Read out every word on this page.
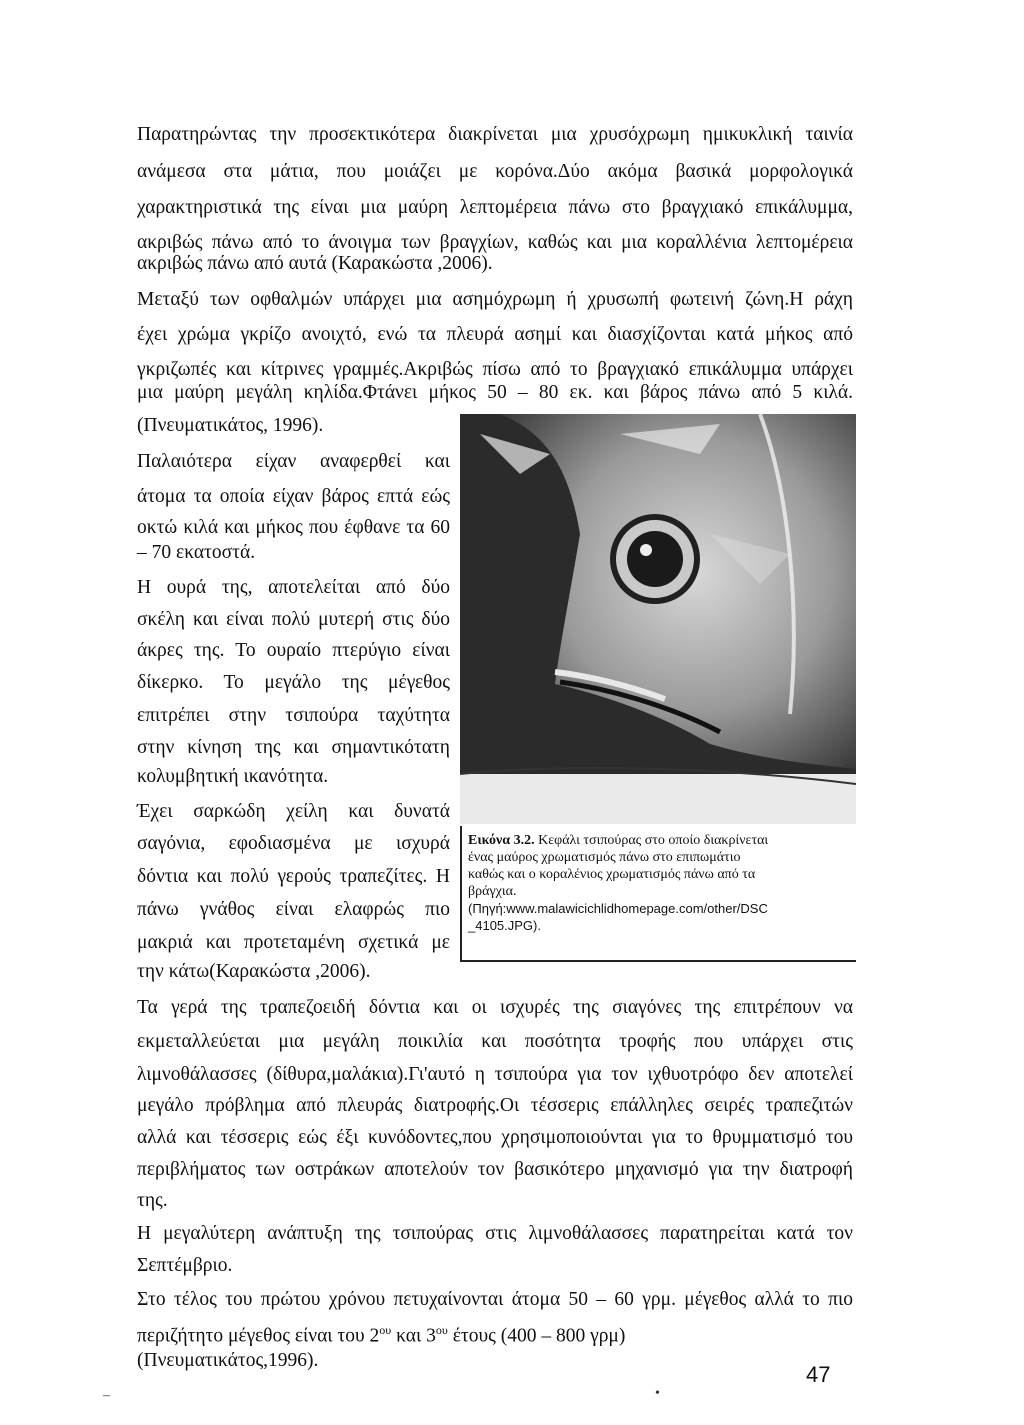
Παρατηρώντας την προσεκτικότερα διακρίνεται μια χρυσόχρωμη ημικυκλική ταινία
ανάμεσα στα μάτια, που μοιάζει με κορόνα.Δύο ακόμα βασικά μορφολογικά
χαρακτηριστικά της είναι μια μαύρη λεπτομέρεια πάνω στο βραγχιακό επικάλυμμα,
ακριβώς πάνω από το άνοιγμα των βραγχίων, καθώς και μια κοραλλένια λεπτομέρεια
ακριβώς πάνω από αυτά (Καρακώστα ,2006).
Μεταξύ των οφθαλμών υπάρχει μια ασημόχρωμη ή χρυσωπή φωτεινή ζώνη.Η ράχη
έχει χρώμα γκρίζο ανοιχτό, ενώ τα πλευρά ασημί και διασχίζονται κατά μήκος από
γκριζωπές και κίτρινες γραμμές.Ακριβώς πίσω από το βραγχιακό επικάλυμμα υπάρχει
μια μαύρη μεγάλη κηλίδα.Φτάνει μήκος 50 – 80 εκ. και βάρος πάνω από 5 κιλά.
(Πνευματικάτος, 1996).
Παλαιότερα είχαν αναφερθεί και
άτομα τα οποία είχαν βάρος επτά εώς
οκτώ κιλά και μήκος που έφθανε τα 60
– 70 εκατοστά.
Η ουρά της, αποτελείται από δύο
σκέλη και είναι πολύ μυτερή στις δύο
άκρες της. Το ουραίο πτερύγιο είναι
δίκερκο. Το μεγάλο της μέγεθος
επιτρέπει στην τσιπούρα ταχύτητα
στην κίνηση της και σημαντικότατη
κολυμβητική ικανότητα.
Έχει σαρκώδη χείλη και δυνατά
σαγόνια, εφοδιασμένα με ισχυρά
δόντια και πολύ γερούς τραπεζίτες. Η
πάνω γνάθος είναι ελαφρώς πιο
μακριά και προτεταμένη σχετικά με
την κάτω(Καρακώστα ,2006).
Εικόνα 3.2. Κεφάλι τσιπούρας στο οποίο διακρίνεται
ένας μαύρος χρωματισμός πάνω στο επιπωμάτιο
καθώς και ο κοραλένιος χρωματισμός πάνω από τα
βράγχια.
(Πηγή:www.malawicichlidhomepage.com/other/DSC
_4105.JPG).
Τα γερά της τραπεζοειδή δόντια και οι ισχυρές της σιαγόνες της επιτρέπουν να
εκμεταλλεύεται μια μεγάλη ποικιλία και ποσότητα τροφής που υπάρχει στις
λιμνοθάλασσες (δίθυρα,μαλάκια).Γι'αυτό η τσιπούρα για τον ιχθυοτρόφο δεν αποτελεί
μεγάλο πρόβλημα από πλευράς διατροφής.Οι τέσσερις επάλληλες σειρές τραπεζιτών
αλλά και τέσσερις εώς έξι κυνόδοντες,που χρησιμοποιούνται για το θρυμματισμό του
περιβλήματος των οστράκων αποτελούν τον βασικότερο μηχανισμό για την διατροφή
της.
Η μεγαλύτερη ανάπτυξη της τσιπούρας στις λιμνοθάλασσες παρατηρείται κατά τον
Σεπτέμβριο.
Στο τέλος του πρώτου χρόνου πετυχαίνονται άτομα 50 – 60 γρμ. μέγεθος αλλά το πιο
περιζήτητο μέγεθος είναι του $2^{o\upsilon}$ και $3^{o\upsilon}$ έτους (400 – 800 γρμ)
(Πνευματικάτος,1996).
47
–	•
